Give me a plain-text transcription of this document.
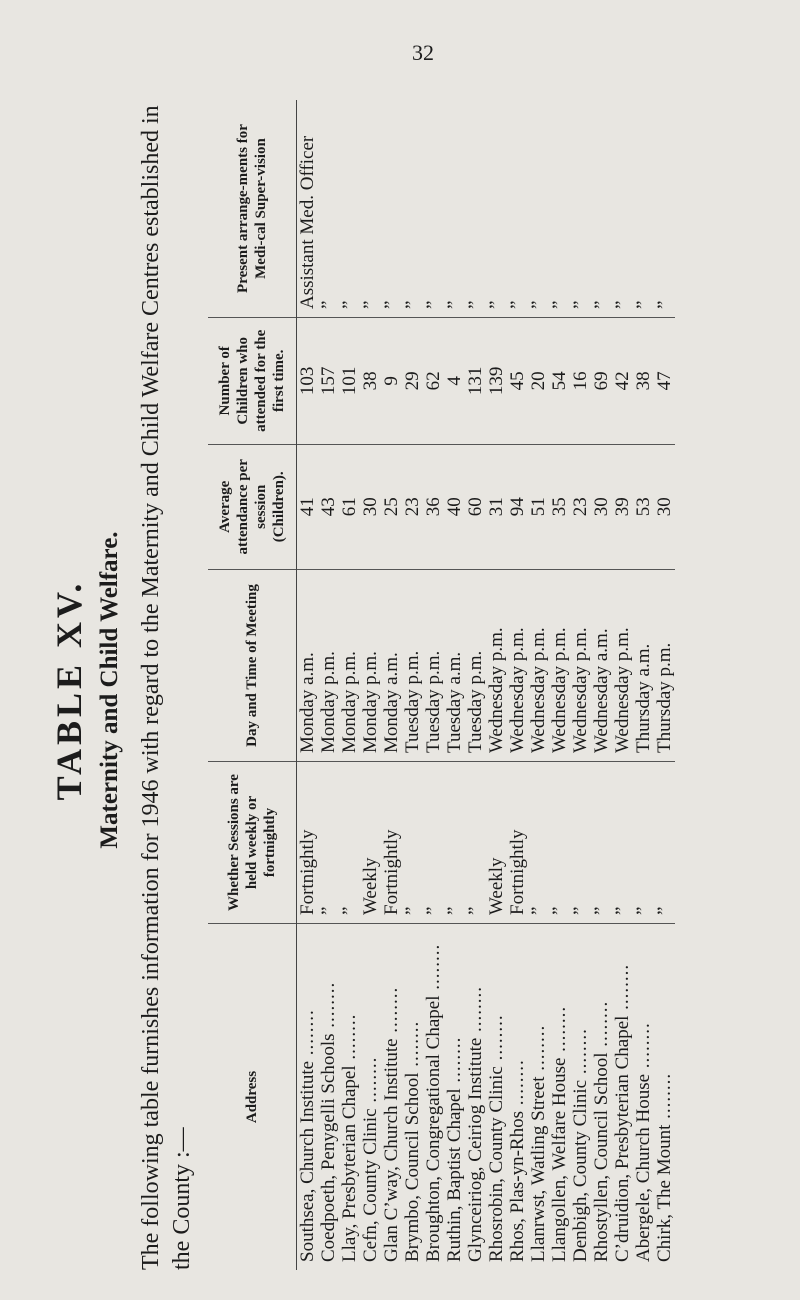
32
TABLE XV. Maternity and Child Welfare. The following table furnishes information for 1946 with regard to the Maternity and Child Welfare Centres established in the County :—
Address	Whether Sessions are held weekly or fortnightly	Day and Time of Meeting	Average attendance per session (Children).	Number of Children who attended for the first time.	Present arrange-ments for Medi-cal Super-vision
Southsea, Church Institute ........	Fortnightly	Monday a.m.	41	103	Assistant Med. Officer
Coedpoeth, Penygelli Schools ........	”	Monday p.m.	43	157	”
Llay, Presbyterian Chapel ........	”	Monday p.m.	61	101	”
Cefn, County Clinic ........	Weekly	Monday p.m.	30	38	”
Glan C’way, Church Institute ........	Fortnightly	Monday a.m.	25	9	”
Brymbo, Council School ........	”	Tuesday p.m.	23	29	”
Broughton, Congregational Chapel ........	”	Tuesday p.m.	36	62	”
Ruthin, Baptist Chapel ........	”	Tuesday a.m.	40	4	”
Glynceiriog, Ceiriog Institute ........	”	Tuesday p.m.	60	131	”
Rhosrobin, County Clinic ........	Weekly	Wednesday p.m.	31	139	”
Rhos, Plas-yn-Rhos ........	Fortnightly	Wednesday p.m.	94	45	”
Llanrwst, Watling Street ........	”	Wednesday p.m.	51	20	”
Llangollen, Welfare House ........	”	Wednesday p.m.	35	54	”
Denbigh, County Clinic ........	”	Wednesday p.m.	23	16	”
Rhostyllen, Council School ........	”	Wednesday a.m.	30	69	”
C’druidion, Presbyterian Chapel ........	”	Wednesday p.m.	39	42	”
Abergele, Church House ........	”	Thursday a.m.	53	38	”
Chirk, The Mount ........	”	Thursday p.m.	30	47	”
